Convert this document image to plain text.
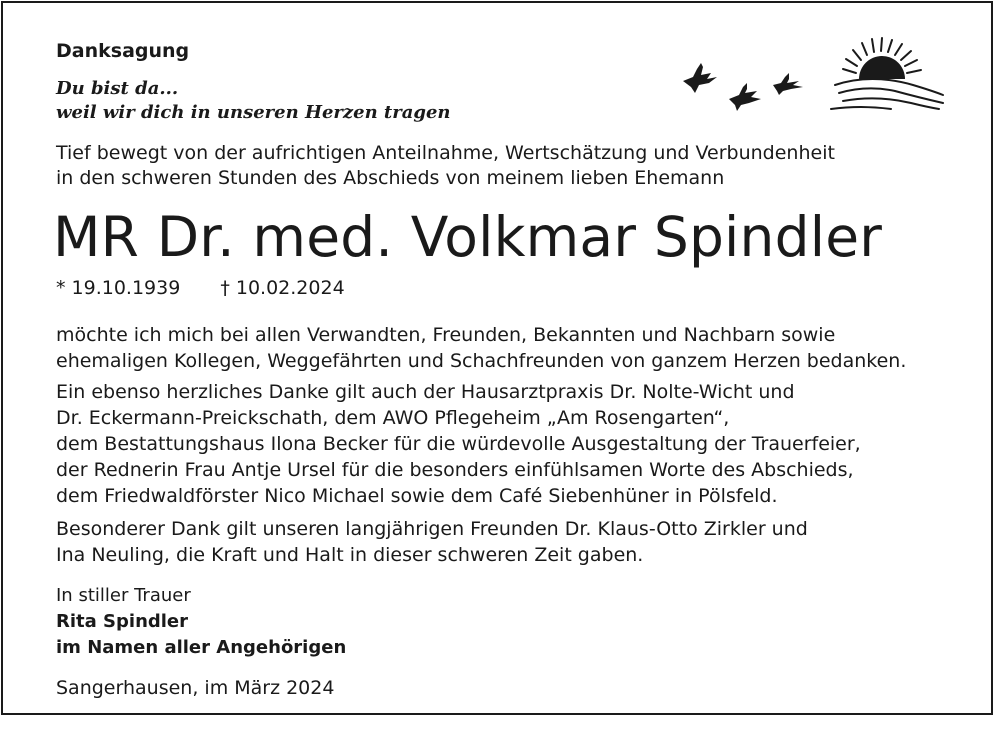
Danksagung
Du bist da...
weil wir dich in unseren Herzen tragen
Tief bewegt von der aufrichtigen Anteilnahme, Wertschätzung und Verbundenheit
in den schweren Stunden des Abschieds von meinem lieben Ehemann
MR Dr. med. Volkmar Spindler
* 19.10.1939 † 10.02.2024
möchte ich mich bei allen Verwandten, Freunden, Bekannten und Nachbarn sowie
ehemaligen Kollegen, Weggefährten und Schachfreunden von ganzem Herzen bedanken.
Ein ebenso herzliches Danke gilt auch der Hausarztpraxis Dr. Nolte-Wicht und
Dr. Eckermann-Preickschath, dem AWO Pflegeheim „Am Rosengarten“,
dem Bestattungshaus Ilona Becker für die würdevolle Ausgestaltung der Trauerfeier,
der Rednerin Frau Antje Ursel für die besonders einfühlsamen Worte des Abschieds,
dem Friedwaldförster Nico Michael sowie dem Café Siebenhüner in Pölsfeld.
Besonderer Dank gilt unseren langjährigen Freunden Dr. Klaus-Otto Zirkler und
Ina Neuling, die Kraft und Halt in dieser schweren Zeit gaben.
In stiller Trauer
Rita Spindler
im Namen aller Angehörigen
Sangerhausen, im März 2024
